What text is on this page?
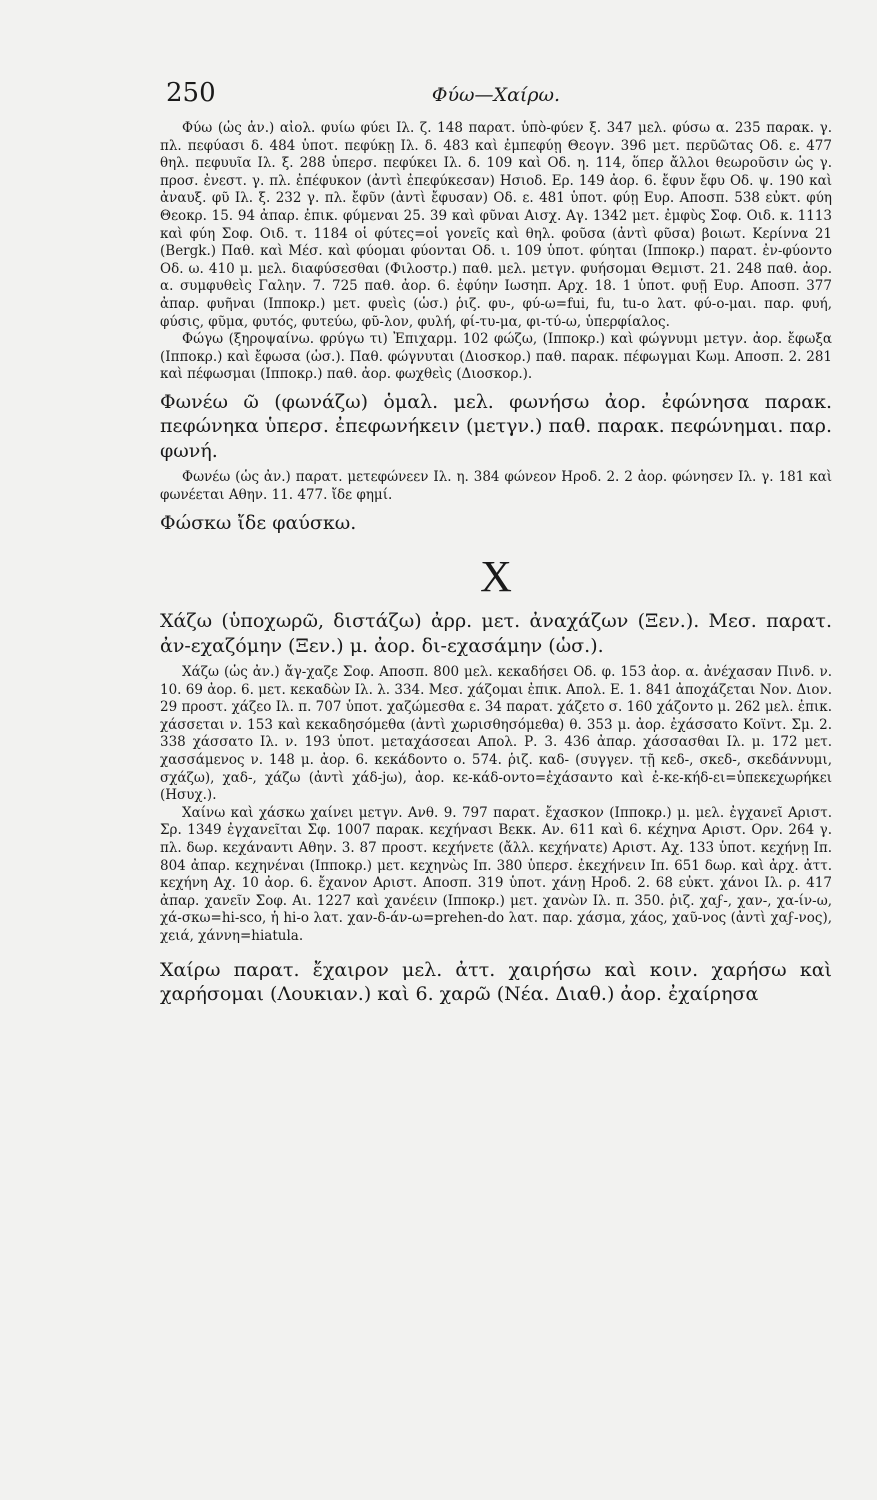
250	Φύω—Χαίρω.

Φύω (ὡς ἀν.) αἰολ. φυίω φύει Ιλ. ζ. 148 παρατ. ὑπὸ-φύεν ξ. 347 μελ. φύσω α. 235 παρακ. γ. πλ. πεφύασι δ. 484 ὑποτ. πεφύκῃ Ιλ. δ. 483 καὶ ἐμπεφύῃ Θεογν. 396 μετ. περῦῶτας Οδ. ε. 477 θηλ. πεφυυῖα Ιλ. ξ. 288 ὑπερσ. πεφύκει Ιλ. δ. 109 καὶ Οδ. η. 114, ὅπερ ἄλλοι θεωροῦσιν ὡς γ. προσ. ἐνεστ. γ. πλ. ἐπέφυκον (ἀντὶ ἐπεφύκεσαν) Ησιοδ. Ερ. 149 ἀορ. 6. ἔφυν ἔφυ Οδ. ψ. 190 καὶ ἀναυξ. φῦ Ιλ. ξ. 232 γ. πλ. ἔφῦν (ἀντὶ ἔφυσαν) Οδ. ε. 481 ὑποτ. φύῃ Ευρ. Αποσπ. 538 εὐκτ. φύη Θεοκρ. 15. 94 ἀπαρ. ἐπικ. φύμεναι 25. 39 καὶ φῦναι Αισχ. Αγ. 1342 μετ. ἐμφὺς Σοφ. Οιδ. κ. 1113 καὶ φύη Σοφ. Οιδ. τ. 1184 οἱ φύτες=οἱ γονεῖς καὶ θηλ. φοῦσα (ἀντὶ φῦσα) βοιωτ. Κερίννα 21 (Bergk.) Παθ. καὶ Μέσ. καὶ φύομαι φύονται Οδ. ι. 109 ὑποτ. φύηται (Ιπποκρ.) παρατ. ἐν-φύοντο Οδ. ω. 410 μ. μελ. διαφύσεσθαι (Φιλοστρ.) παθ. μελ. μετγν. φυήσομαι Θεμιστ. 21. 248 παθ. ἀορ. α. συμφυθεὶς Γαλην. 7. 725 παθ. ἀορ. 6. ἐφύην Ιωσηπ. Αρχ. 18. 1 ὑποτ. φυῇ Ευρ. Αποσπ. 377 ἀπαρ. φυῆναι (Ιπποκρ.) μετ. φυεὶς (ὡσ.) ῥιζ. φυ-, φύ-ω=fui, fu, tu-o λατ. φύ-ο-μαι. παρ. φυή, φύσις, φῦμα, φυτός, φυτεύω, φῦ-λον, φυλή, φί-τυ-μα, φι-τύ-ω, ὑπερφίαλος.

Φώγω (ξηροψαίνω. φρύγω τι) Ἐπιχαρμ. 102 φώζω, (Ιπποκρ.) καὶ φώγνυμι μετγν. ἀορ. ἔφωξα (Ιπποκρ.) καὶ ἔφωσα (ὡσ.). Παθ. φώγνυται (Διοσκορ.) παθ. παρακ. πέφωγμαι Κωμ. Αποσπ. 2. 281 καὶ πέφωσμαι (Ιπποκρ.) παθ. ἀορ. φωχθεὶς (Διοσκορ.).

Φωνέω ῶ (φωνάζω) ὁμαλ. μελ. φωνήσω ἀορ. ἐφώνησα παρακ. πεφώνηκα ὑπερσ. ἐπεφωνήκειν (μετγν.) παθ. παρακ. πεφώνημαι. παρ. φωνή.

Φωνέω (ὡς ἀν.) παρατ. μετεφώνεεν Ιλ. η. 384 φώνεον Ηροδ. 2. 2 ἀορ. φώνησεν Ιλ. γ. 181 καὶ φωνέεται Αθην. 11. 477. ἴδε φημί.

Φώσκω ἴδε φαύσκω.

Χ

Χάζω (ὑποχωρῶ, διστάζω) ἀρρ. μετ. ἀναχάζων (Ξεν.). Μεσ. παρατ. ἀν-εχαζόμην (Ξεν.) μ. ἀορ. δι-εχασάμην (ὡσ.).

Χάζω (ὡς ἀν.) ἄγ-χαζε Σοφ. Αποσπ. 800 μελ. κεκαδήσει Οδ. φ. 153 ἀορ. α. ἀνέχασαν Πινδ. ν. 10. 69 ἀορ. 6. μετ. κεκαδὼν Ιλ. λ. 334. Μεσ. χάζομαι ἐπικ. Απολ. Ε. 1. 841 ἀποχάζεται Νον. Διον. 29 προστ. χάζεο Ιλ. π. 707 ὑποτ. χαζώμεσθα ε. 34 παρατ. χάζετο σ. 160 χάζοντο μ. 262 μελ. ἐπικ. χάσσεται ν. 153 καὶ κεκαδησόμεθα (ἀντὶ χωρισθησόμεθα) θ. 353 μ. ἀορ. ἐχάσσατο Κοϊντ. Σμ. 2. 338 χάσσατο Ιλ. ν. 193 ὑποτ. μεταχάσσεαι Απολ. Ρ. 3. 436 ἀπαρ. χάσσασθαι Ιλ. μ. 172 μετ. χασσάμενος ν. 148 μ. ἀορ. 6. κεκάδοντο ο. 574. ῥιζ. καδ- (συγγεν. τῇ κεδ-, σκεδ-, σκεδάννυμι, σχάζω), χαδ-, χάζω (ἀντὶ χάδ-jω), ἀορ. κε-κάδ-οντο=ἐχάσαντο καὶ ἐ-κε-κήδ-ει=ὑπεκεχωρήκει (Ησυχ.).

Χαίνω καὶ χάσκω χαίνει μετγν. Ανθ. 9. 797 παρατ. ἔχασκον (Ιπποκρ.) μ. μελ. ἐγχανεῖ Αριστ. Σρ. 1349 ἐγχανεῖται Σφ. 1007 παρακ. κεχήνασι Βεκκ. Αν. 611 καὶ 6. κέχηνα Αριστ. Ορν. 264 γ. πλ. δωρ. κεχάναντι Αθην. 3. 87 προστ. κεχήνετε (ἄλλ. κεχήνατε) Αριστ. Αχ. 133 ὑποτ. κεχήνῃ Ιπ. 804 ἀπαρ. κεχηνέναι (Ιπποκρ.) μετ. κεχηνὼς Ιπ. 380 ὑπερσ. ἐκεχήνειν Ιπ. 651 δωρ. καὶ ἀρχ. ἀττ. κεχήνη Αχ. 10 ἀορ. 6. ἔχανον Αριστ. Αποσπ. 319 ὑποτ. χάνῃ Ηροδ. 2. 68 εὐκτ. χάνοι Ιλ. ρ. 417 ἀπαρ. χανεῖν Σοφ. Αι. 1227 καὶ χανέειν (Ιπποκρ.) μετ. χανὼν Ιλ. π. 350. ῥιζ. χαϝ-, χαν-, χα-ίν-ω, χά-σκω=hi-sco, ἡ hi-o λατ. χαν-δ-άν-ω=prehen-do λατ. παρ. χάσμα, χάος, χαῦ-νος (ἀντὶ χαϝ-νος), χειά, χάννη=hiatula.

Χαίρω παρατ. ἔχαιρον μελ. ἀττ. χαιρήσω καὶ κοιν. χαρήσω καὶ χαρήσομαι (Λουκιαν.) καὶ 6. χαρῶ (Νέα. Διαθ.) ἀορ. ἐχαίρησα
